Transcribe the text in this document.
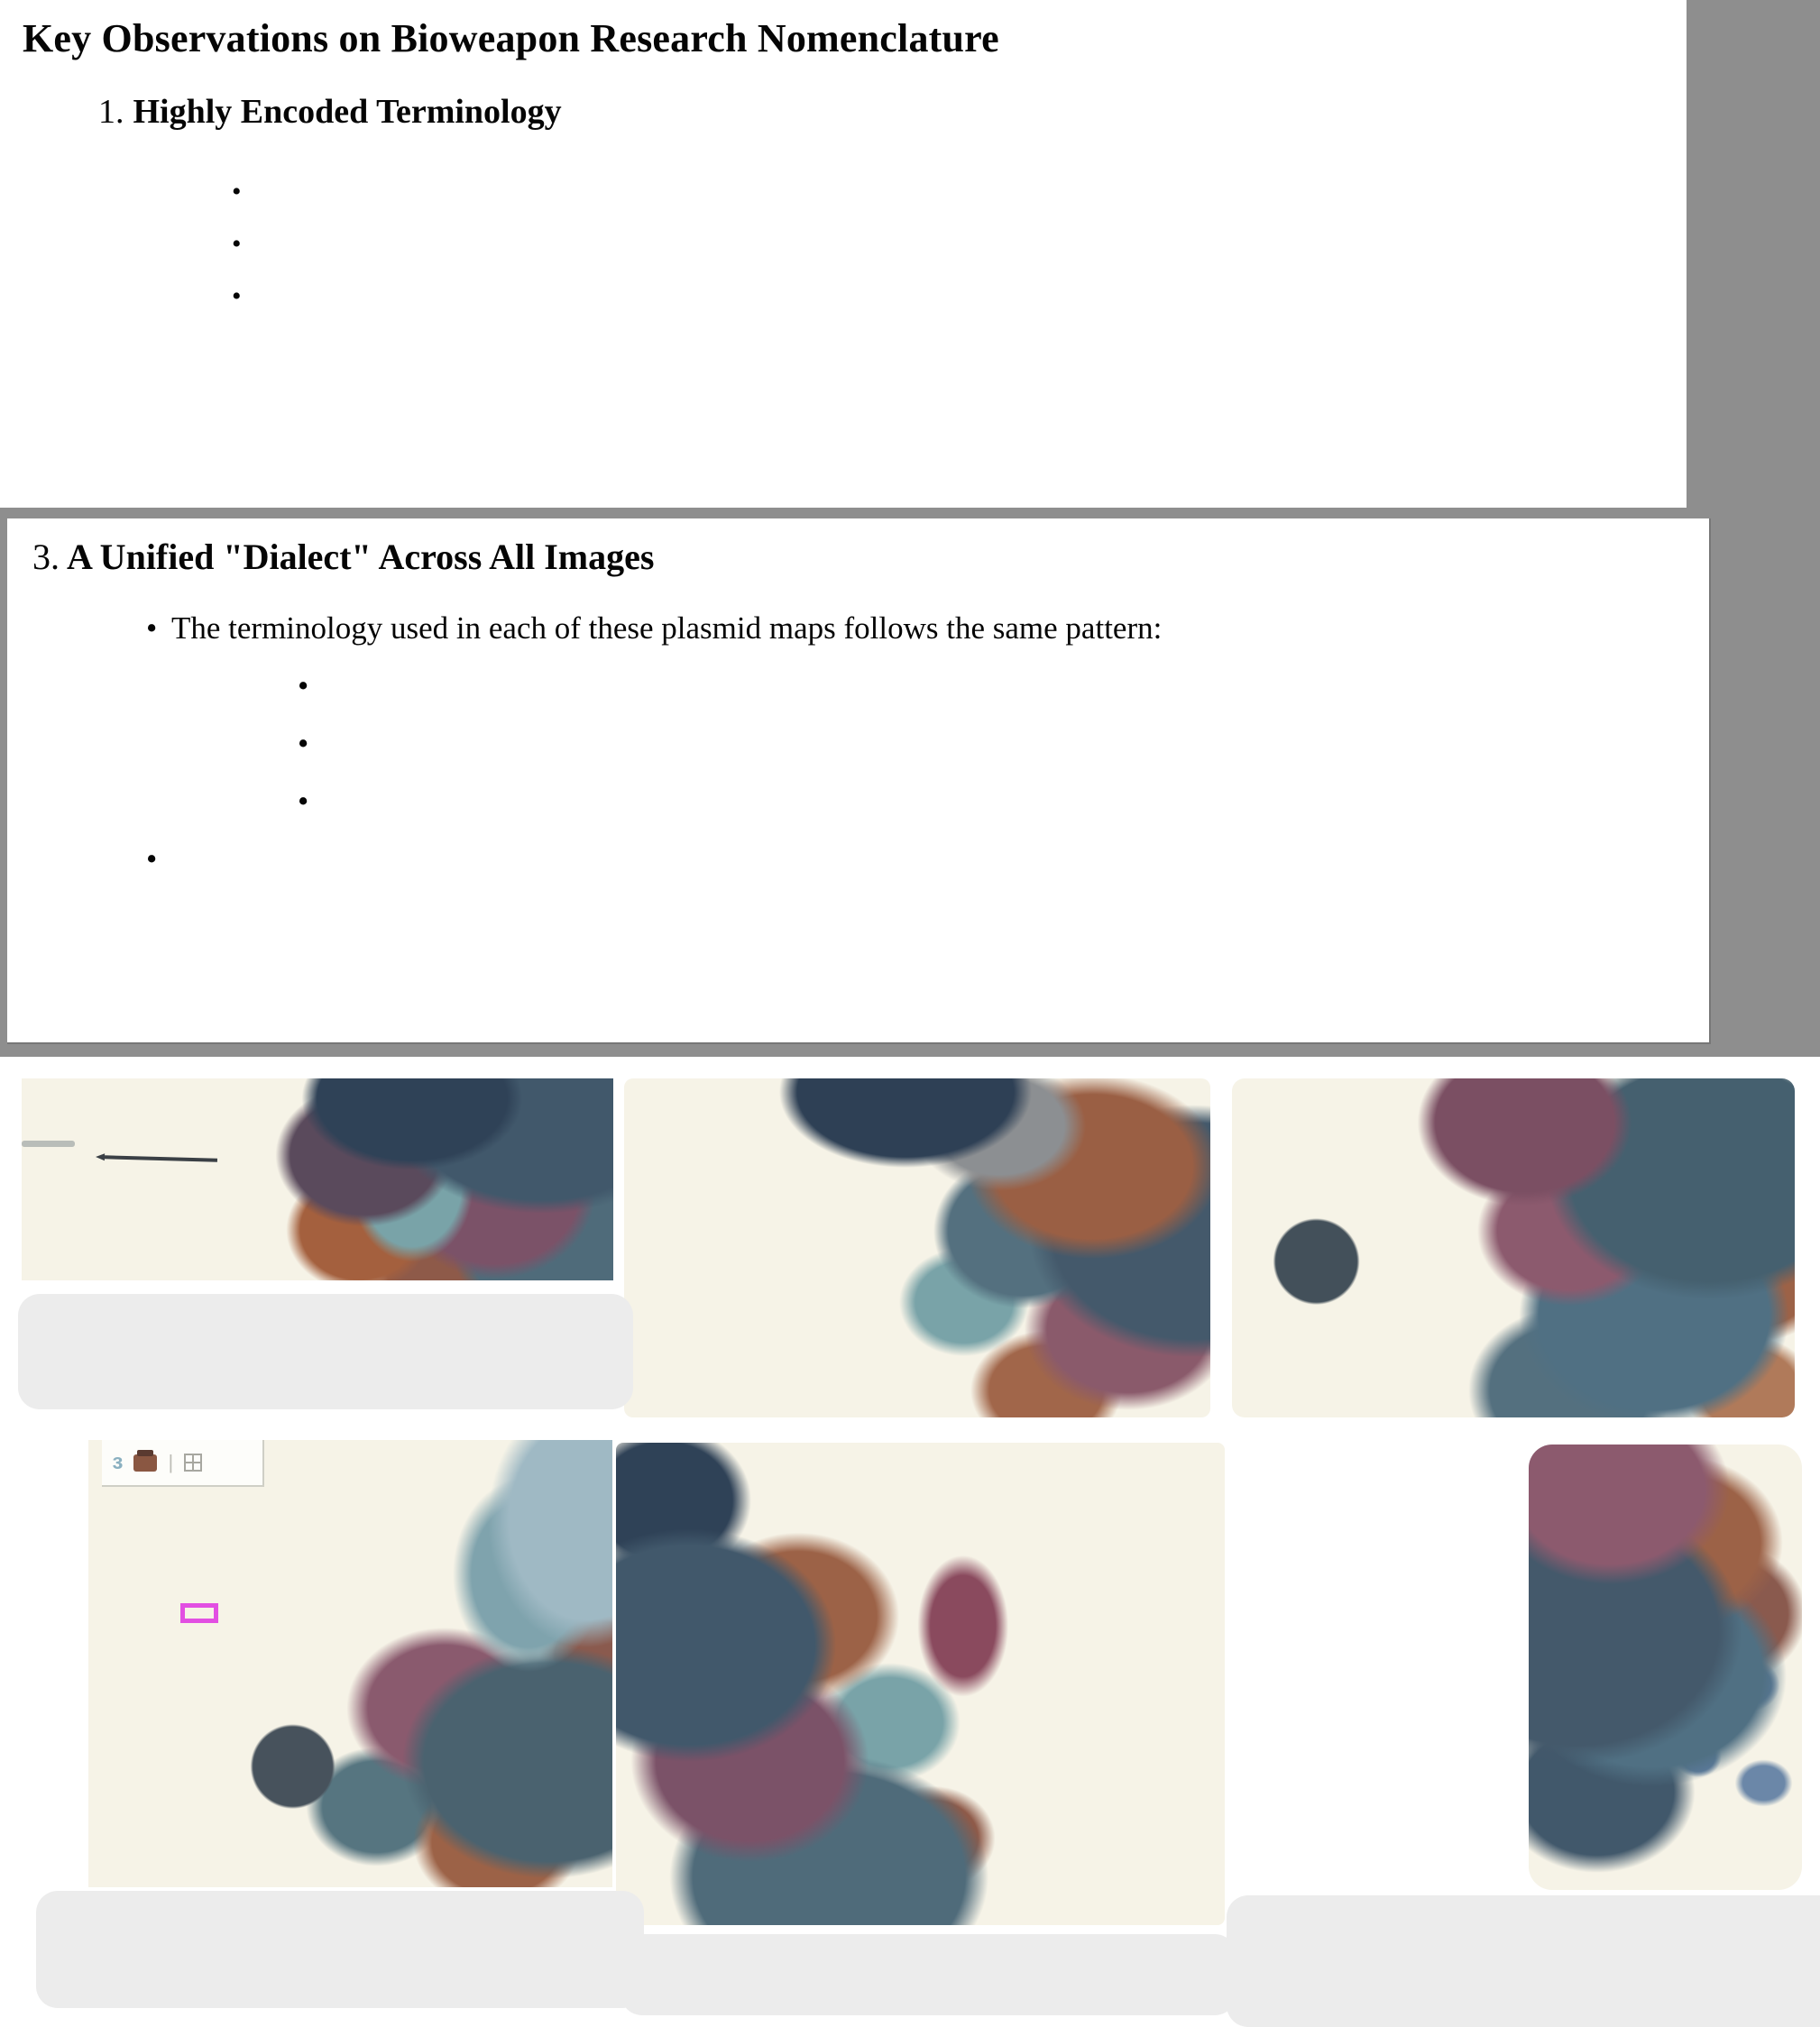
Key Observations on Bioweapon Research Nomenclature
1. Highly Encoded Terminology
•
•
•
3. A Unified "Dialect" Across All Images
•
The terminology used in each of these plasmid maps follows the same pattern:
•
•
•
•
ɜ |
